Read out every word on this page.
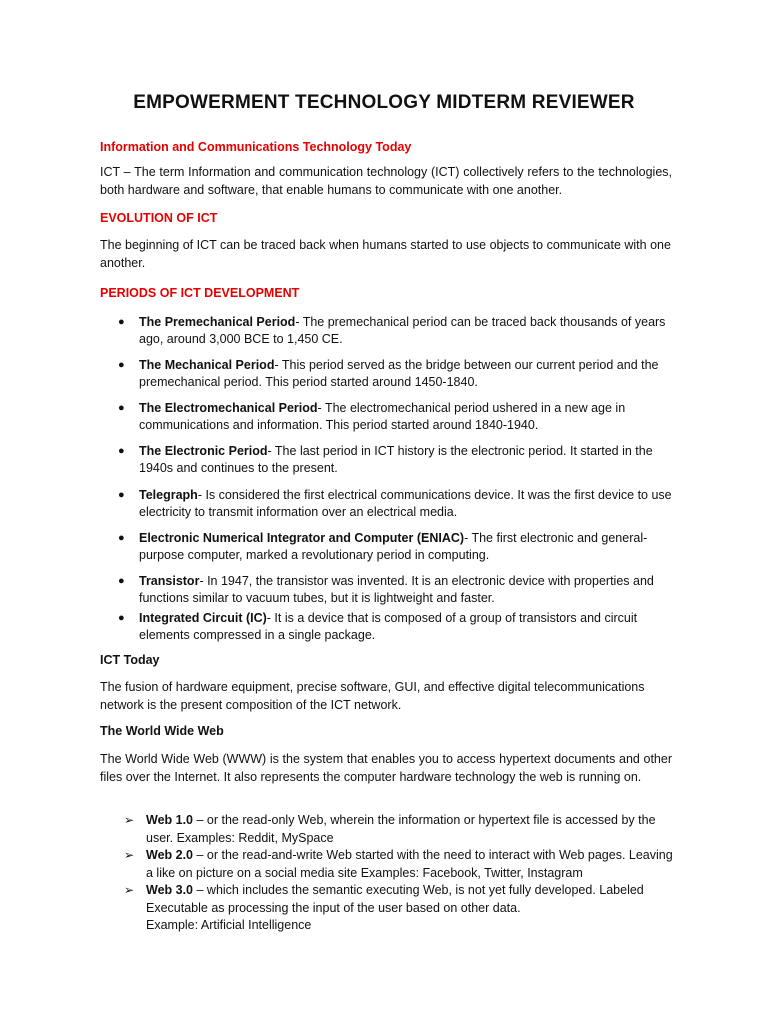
EMPOWERMENT TECHNOLOGY MIDTERM REVIEWER
Information and Communications Technology Today
ICT – The term Information and communication technology (ICT) collectively refers to the technologies, both hardware and software, that enable humans to communicate with one another.
EVOLUTION OF ICT
The beginning of ICT can be traced back when humans started to use objects to communicate with one another.
PERIODS OF ICT DEVELOPMENT
● The Premechanical Period- The premechanical period can be traced back thousands of years ago, around 3,000 BCE to 1,450 CE.
● The Mechanical Period- This period served as the bridge between our current period and the premechanical period. This period started around 1450-1840.
● The Electromechanical Period- The electromechanical period ushered in a new age in communications and information. This period started around 1840-1940.
● The Electronic Period- The last period in ICT history is the electronic period. It started in the 1940s and continues to the present.
● Telegraph- Is considered the first electrical communications device. It was the first device to use electricity to transmit information over an electrical media.
● Electronic Numerical Integrator and Computer (ENIAC)- The first electronic and general-purpose computer, marked a revolutionary period in computing.
● Transistor- In 1947, the transistor was invented. It is an electronic device with properties and functions similar to vacuum tubes, but it is lightweight and faster.
● Integrated Circuit (IC)- It is a device that is composed of a group of transistors and circuit elements compressed in a single package.
ICT Today
The fusion of hardware equipment, precise software, GUI, and effective digital telecommunications network is the present composition of the ICT network.
The World Wide Web
The World Wide Web (WWW) is the system that enables you to access hypertext documents and other files over the Internet. It also represents the computer hardware technology the web is running on.
➢ Web 1.0 – or the read-only Web, wherein the information or hypertext file is accessed by the user. Examples: Reddit, MySpace
➢ Web 2.0 – or the read-and-write Web started with the need to interact with Web pages. Leaving a like on picture on a social media site Examples: Facebook, Twitter, Instagram
➢ Web 3.0 – which includes the semantic executing Web, is not yet fully developed. Labeled Executable as processing the input of the user based on other data.
Example: Artificial Intelligence
